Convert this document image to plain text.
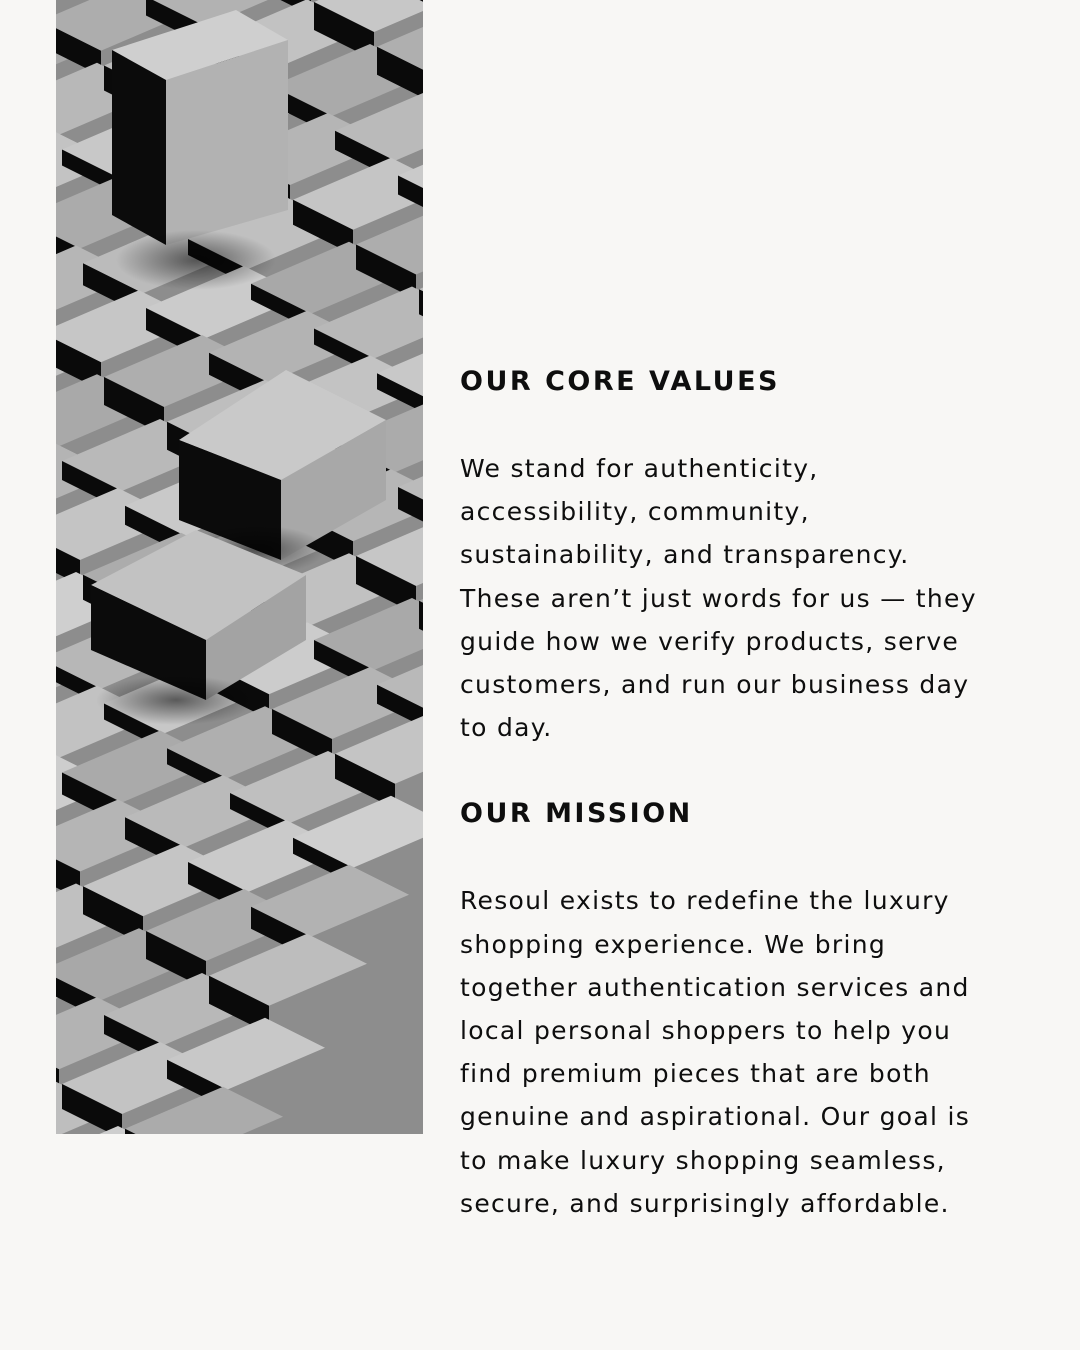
OUR CORE VALUES

We stand for authenticity, accessibility, community, sustainability, and transparency. These aren’t just words for us — they guide how we verify products, serve customers, and run our business day to day.

OUR MISSION

Resoul exists to redefine the luxury shopping experience. We bring together authentication services and local personal shoppers to help you find premium pieces that are both genuine and aspirational. Our goal is to make luxury shopping seamless, secure, and surprisingly affordable.
